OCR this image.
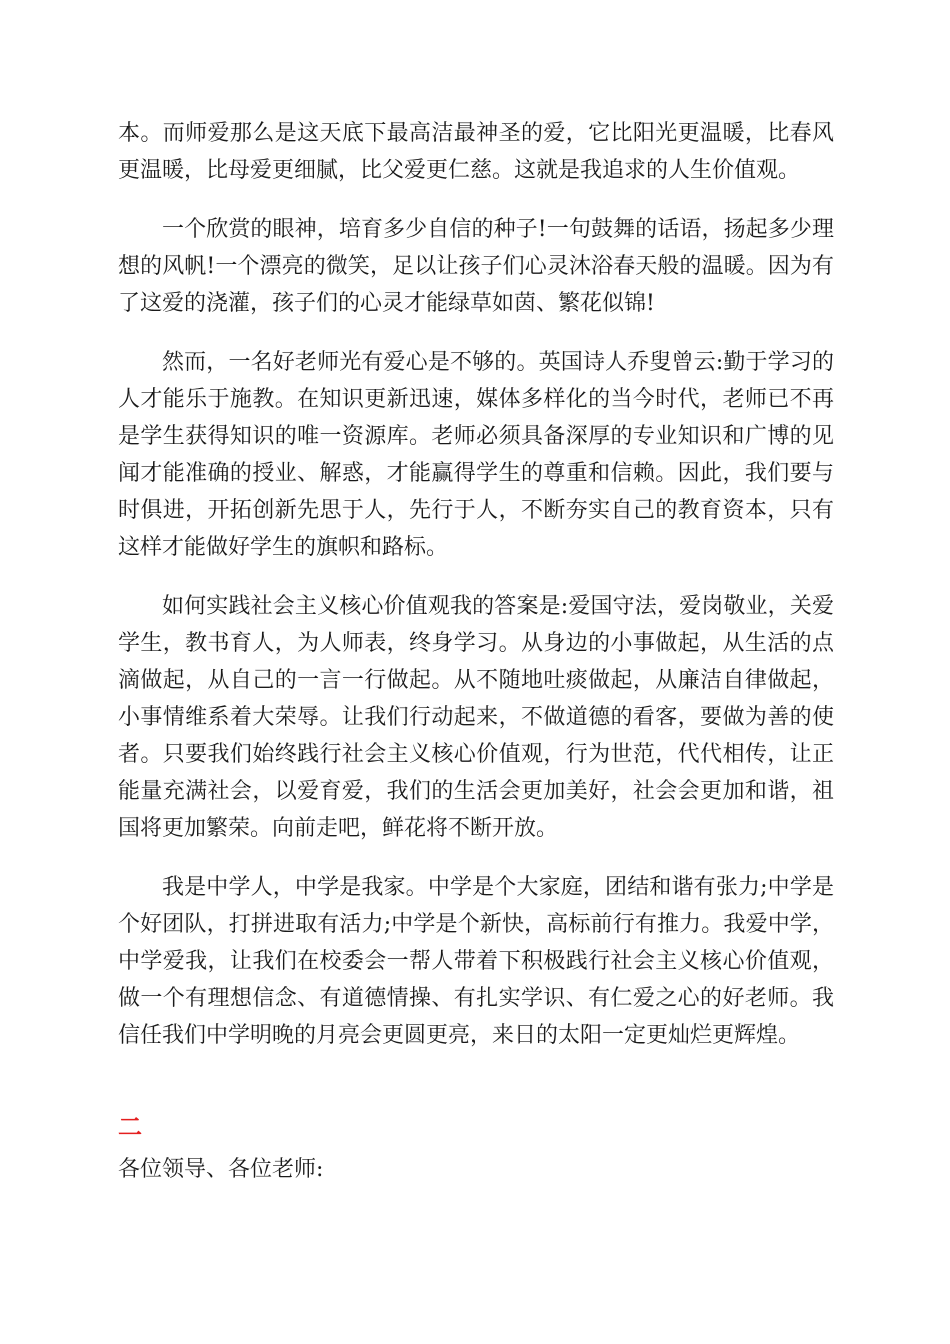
本。而师爱那么是这天底下最高洁最神圣的爱，它比阳光更温暖，比春风更温暖，比母爱更细腻，比父爱更仁慈。这就是我追求的人生价值观。

一个欣赏的眼神，培育多少自信的种子!一句鼓舞的话语，扬起多少理想的风帆!一个漂亮的微笑，足以让孩子们心灵沐浴春天般的温暖。因为有了这爱的浇灌，孩子们的心灵才能绿草如茵、繁花似锦!

然而，一名好老师光有爱心是不够的。英国诗人乔叟曾云:勤于学习的人才能乐于施教。在知识更新迅速，媒体多样化的当今时代，老师已不再是学生获得知识的唯一资源库。老师必须具备深厚的专业知识和广博的见闻才能准确的授业、解惑，才能赢得学生的尊重和信赖。因此，我们要与时俱进，开拓创新先思于人，先行于人，不断夯实自己的教育资本，只有这样才能做好学生的旗帜和路标。

如何实践社会主义核心价值观我的答案是:爱国守法，爱岗敬业，关爱学生，教书育人，为人师表，终身学习。从身边的小事做起，从生活的点滴做起，从自己的一言一行做起。从不随地吐痰做起，从廉洁自律做起，小事情维系着大荣辱。让我们行动起来，不做道德的看客，要做为善的使者。只要我们始终践行社会主义核心价值观，行为世范，代代相传，让正能量充满社会，以爱育爱，我们的生活会更加美好，社会会更加和谐，祖国将更加繁荣。向前走吧，鲜花将不断开放。

我是中学人，中学是我家。中学是个大家庭，团结和谐有张力;中学是个好团队，打拼进取有活力;中学是个新快，高标前行有推力。我爱中学，中学爱我，让我们在校委会一帮人带着下积极践行社会主义核心价值观，做一个有理想信念、有道德情操、有扎实学识、有仁爱之心的好老师。我信任我们中学明晚的月亮会更圆更亮，来日的太阳一定更灿烂更辉煌。

二

各位领导、各位老师:
